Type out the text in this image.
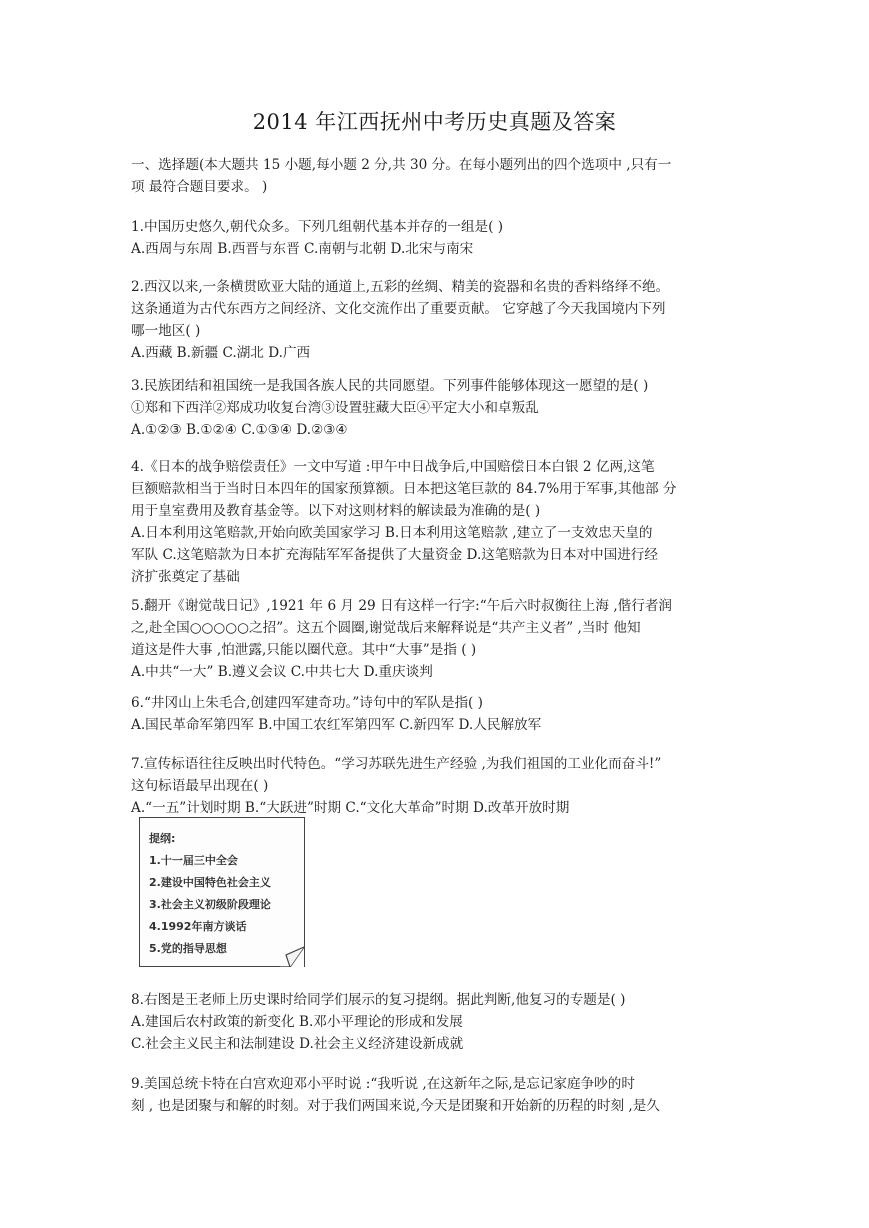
2014 年江西抚州中考历史真题及答案

一、选择题(本大题共 15 小题,每小题 2 分,共 30 分。在每小题列出的四个选项中 ,只有一

项 最符合题目要求。 )

1.中国历史悠久,朝代众多。下列几组朝代基本并存的一组是( )

A.西周与东周 B.西晋与东晋 C.南朝与北朝 D.北宋与南宋

2.西汉以来,一条横贯欧亚大陆的通道上,五彩的丝绸、精美的瓷器和名贵的香料络绎不绝。

这条通道为古代东西方之间经济、文化交流作出了重要贡献。 它穿越了今天我国境内下列

哪一地区( )

A.西藏 B.新疆 C.湖北 D.广西

3.民族团结和祖国统一是我国各族人民的共同愿望。下列事件能够体现这一愿望的是( )

①郑和下西洋②郑成功收复台湾③设置驻藏大臣④平定大小和卓叛乱

A.①②③ B.①②④ C.①③④ D.②③④

4.《日本的战争赔偿责任》一文中写道 :甲午中日战争后,中国赔偿日本白银 2 亿两,这笔

巨额赔款相当于当时日本四年的国家预算额。日本把这笔巨款的 84.7%用于军事,其他部 分

用于皇室费用及教育基金等。以下对这则材料的解读最为准确的是( )

A.日本利用这笔赔款,开始向欧美国家学习 B.日本利用这笔赔款 ,建立了一支效忠天皇的

军队 C.这笔赔款为日本扩充海陆军军备提供了大量资金 D.这笔赔款为日本对中国进行经

济扩张奠定了基础

5.翻开《谢觉哉日记》,1921 年 6 月 29 日有这样一行字:“午后六时叔衡往上海 ,偕行者润

之,赴全国○○○○○之招”。这五个圆圈,谢觉哉后来解释说是“共产主义者” ,当时 他知

道这是件大事 ,怕泄露,只能以圈代意。其中“大事”是指 ( )

A.中共“一大” B.遵义会议 C.中共七大 D.重庆谈判

6.“井冈山上朱毛合,创建四军建奇功。”诗句中的军队是指( )

A.国民革命军第四军 B.中国工农红军第四军 C.新四军 D.人民解放军

7.宣传标语往往反映出时代特色。“学习苏联先进生产经验 ,为我们祖国的工业化而奋斗!”

这句标语最早出现在( )

A.“一五”计划时期 B.“大跃进”时期 C.“文化大革命”时期 D.改革开放时期

提纲:
1.十一届三中全会
2.建设中国特色社会主义
3.社会主义初级阶段理论
4.1992年南方谈话
5.党的指导思想

8.右图是王老师上历史课时给同学们展示的复习提纲。据此判断,他复习的专题是( )

A.建国后农村政策的新变化 B.邓小平理论的形成和发展

C.社会主义民主和法制建设 D.社会主义经济建设新成就

9.美国总统卡特在白宫欢迎邓小平时说 :“我听说 ,在这新年之际,是忘记家庭争吵的时

刻 , 也是团聚与和解的时刻。对于我们两国来说,今天是团聚和开始新的历程的时刻 ,是久
